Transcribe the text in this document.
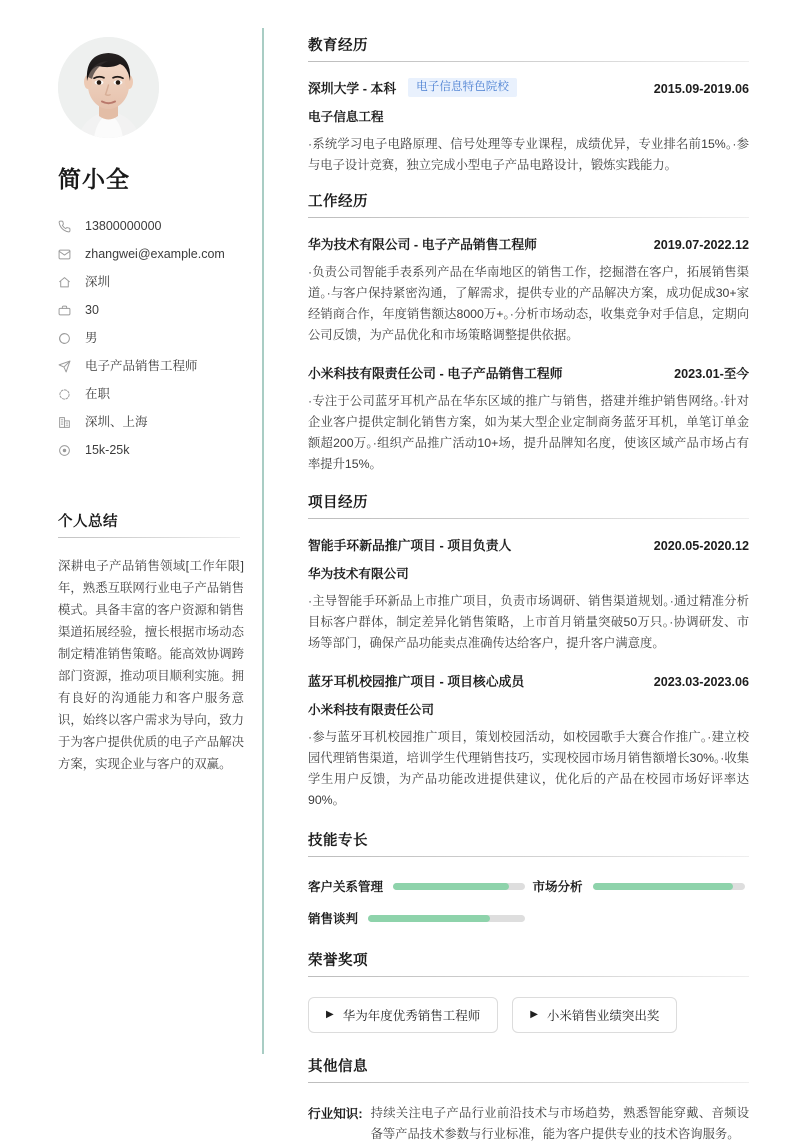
简小全
13800000000
zhangwei@example.com
深圳
30
男
电子产品销售工程师
在职
深圳、上海
15k-25k
个人总结

深耕电子产品销售领域[工作年限]年，熟悉互联网行业电子产品销售模式。具备丰富的客户资源和销售渠道拓展经验，擅长根据市场动态制定精准销售策略。能高效协调跨部门资源，推动项目顺利实施。拥有良好的沟通能力和客户服务意识，始终以客户需求为导向，致力于为客户提供优质的电子产品解决方案，实现企业与客户的双赢。

教育经历
深圳大学 - 本科	电子信息特色院校	2015.09-2019.06
电子信息工程

·系统学习电子电路原理、信号处理等专业课程，成绩优异，专业排名前15%。·参与电子设计竞赛，独立完成小型电子产品电路设计，锻炼实践能力。

工作经历
华为技术有限公司 - 电子产品销售工程师	2019.07-2022.12

·负责公司智能手表系列产品在华南地区的销售工作，挖掘潜在客户，拓展销售渠道。·与客户保持紧密沟通，了解需求，提供专业的产品解决方案，成功促成30+家经销商合作，年度销售额达8000万+。·分析市场动态，收集竞争对手信息，定期向公司反馈，为产品优化和市场策略调整提供依据。

小米科技有限责任公司 - 电子产品销售工程师	2023.01-至今

·专注于公司蓝牙耳机产品在华东区域的推广与销售，搭建并维护销售网络。·针对企业客户提供定制化销售方案，如为某大型企业定制商务蓝牙耳机，单笔订单金额超200万。·组织产品推广活动10+场，提升品牌知名度，使该区域产品市场占有率提升15%。

项目经历
智能手环新品推广项目 - 项目负责人	2020.05-2020.12
华为技术有限公司

·主导智能手环新品上市推广项目，负责市场调研、销售渠道规划。·通过精准分析目标客户群体，制定差异化销售策略，上市首月销量突破50万只。·协调研发、市场等部门，确保产品功能卖点准确传达给客户，提升客户满意度。

蓝牙耳机校园推广项目 - 项目核心成员	2023.03-2023.06
小米科技有限责任公司

·参与蓝牙耳机校园推广项目，策划校园活动，如校园歌手大赛合作推广。·建立校园代理销售渠道，培训学生代理销售技巧，实现校园市场月销售额增长30%。·收集学生用户反馈，为产品功能改进提供建议，优化后的产品在校园市场好评率达90%。

技能专长
客户关系管理	市场分析
销售谈判
荣誉奖项
▶ 华为年度优秀销售工程师	▶ 小米销售业绩突出奖
其他信息
行业知识: 持续关注电子产品行业前沿技术与市场趋势，熟悉智能穿戴、音频设备等产品技术参数与行业标准，能为客户提供专业的技术咨询服务。
